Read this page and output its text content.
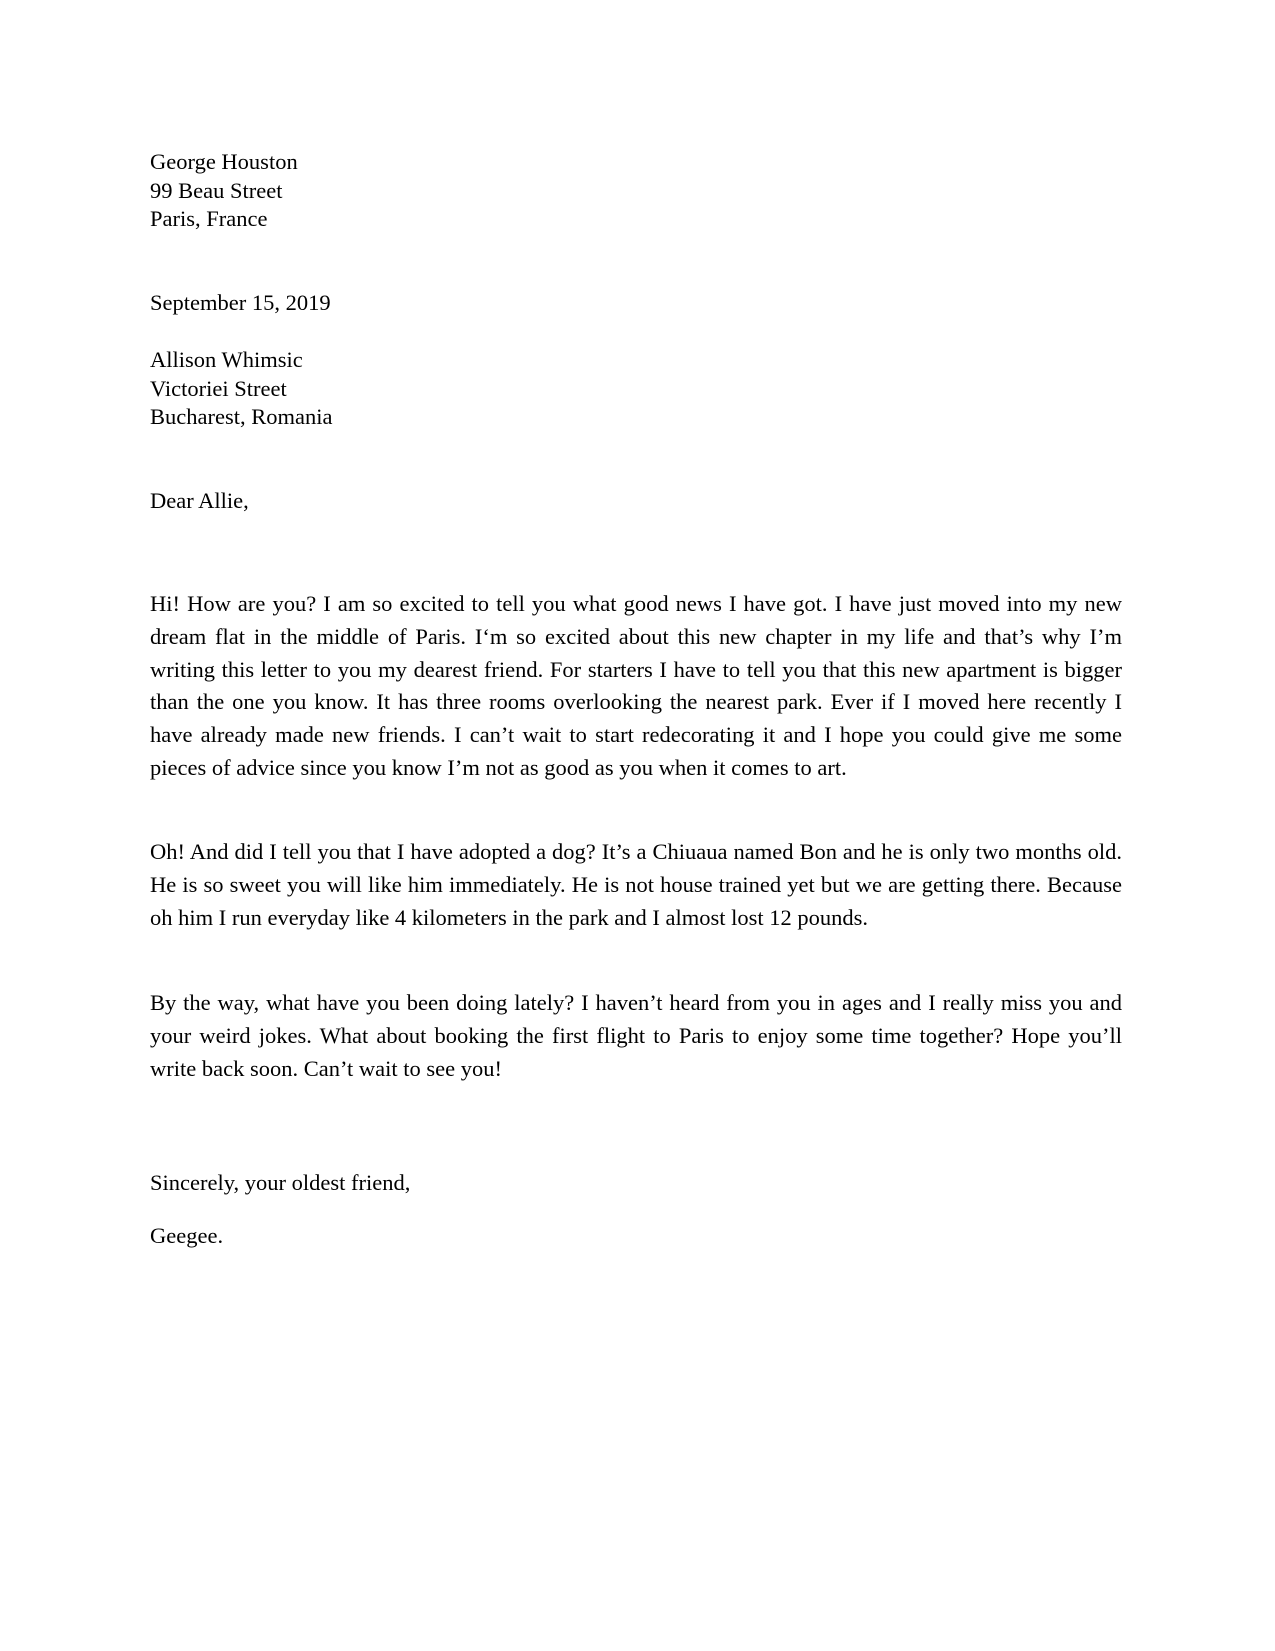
George Houston
99 Beau Street
Paris, France
September 15, 2019
Allison Whimsic
Victoriei Street
Bucharest, Romania
Dear Allie,

Hi! How are you? I am so excited to tell you what good news I have got. I have just moved into my new dream flat in the middle of Paris. I‘m so excited about this new chapter in my life and that’s why I’m writing this letter to you my dearest friend. For starters I have to tell you that this new apartment is bigger than the one you know. It has three rooms overlooking the nearest park. Ever if I moved here recently I have already made new friends. I can’t wait to start redecorating it and I hope you could give me some pieces of advice since you know I’m not as good as you when it comes to art.

Oh! And did I tell you that I have adopted a dog? It’s a Chiuaua named Bon and he is only two months old. He is so sweet you will like him immediately. He is not house trained yet but we are getting there. Because oh him I run everyday like 4 kilometers in the park and I almost lost 12 pounds.

By the way, what have you been doing lately? I haven’t heard from you in ages and I really miss you and your weird jokes. What about booking the first flight to Paris to enjoy some time together? Hope you’ll write back soon. Can’t wait to see you!

Sincerely, your oldest friend,
Geegee.
